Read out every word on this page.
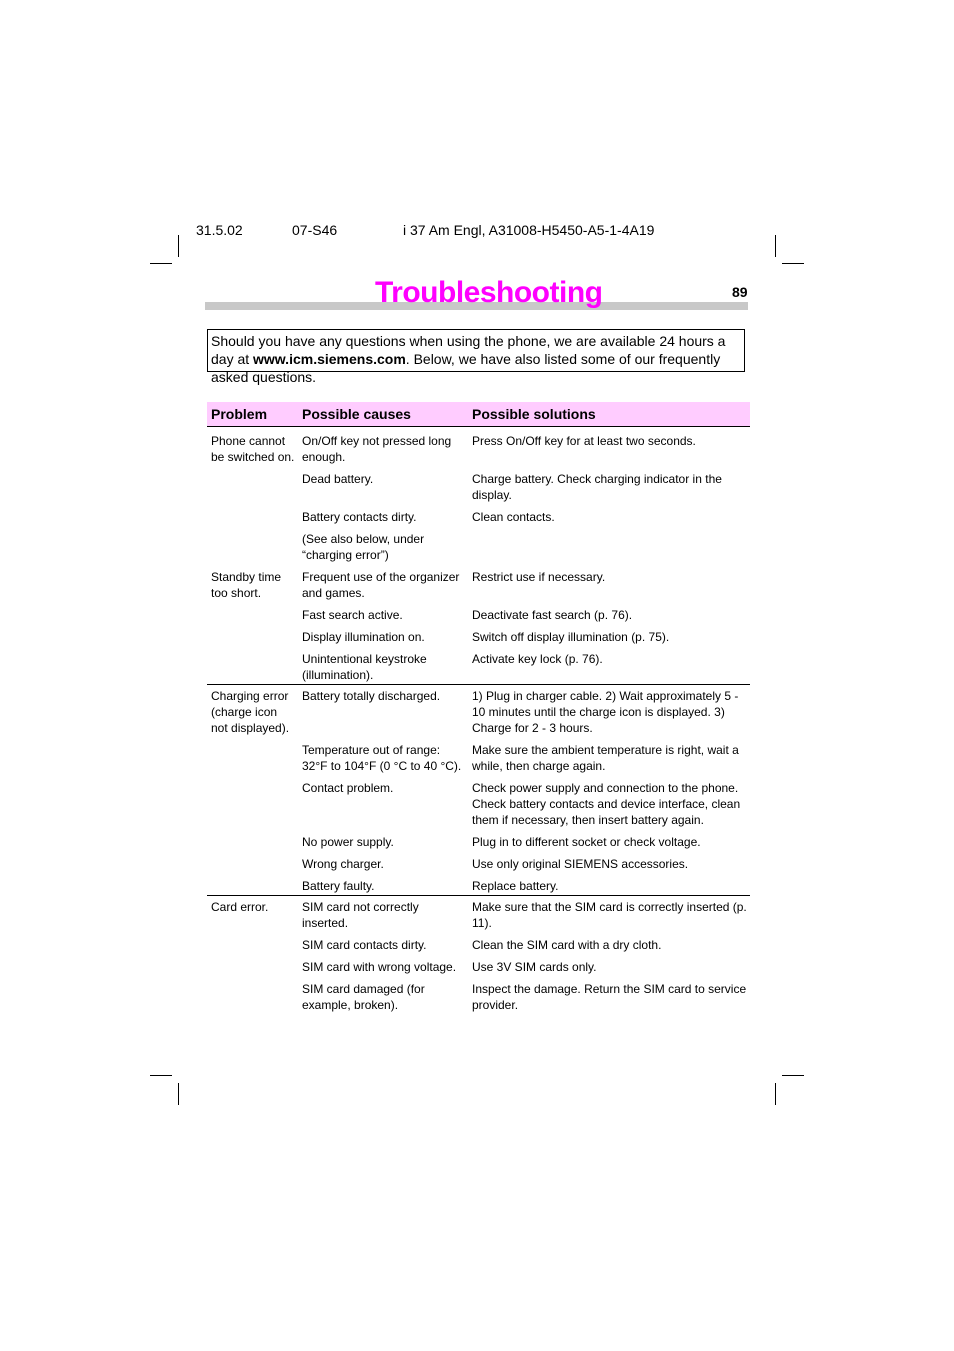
31.5.02	07-S46	i 37 Am Engl, A31008-H5450-A5-1-4A19
Troubleshooting	89
Should you have any questions when using the phone, we are available 24 hours a day at www.icm.siemens.com. Below, we have also listed some of our frequently asked questions.
Problem	Possible causes	Possible solutions
Phone cannot be switched on.	On/Off key not pressed long enough.	Press On/Off key for at least two seconds.
	Dead battery.	Charge battery. Check charging indicator in the display.
	Battery contacts dirty.	Clean contacts.
	(See also below, under “charging error”)	
Standby time too short.	Frequent use of the organizer and games.	Restrict use if necessary.
	Fast search active.	Deactivate fast search (p. 76).
	Display illumination on.	Switch off display illumination (p. 75).
	Unintentional keystroke (illumination).	Activate key lock (p. 76).
Charging error (charge icon not displayed).	Battery totally discharged.	1) Plug in charger cable. 2) Wait approximately 5 - 10 minutes until the charge icon is displayed. 3) Charge for 2 - 3 hours.
	Temperature out of range: 32°F to 104°F (0 °C to 40 °C).	Make sure the ambient temperature is right, wait a while, then charge again.
	Contact problem.	Check power supply and connection to the phone. Check battery contacts and device interface, clean them if necessary, then insert battery again.
	No power supply.	Plug in to different socket or check voltage.
	Wrong charger.	Use only original SIEMENS accessories.
	Battery faulty.	Replace battery.
Card error.	SIM card not correctly inserted.	Make sure that the SIM card is correctly inserted (p. 11).
	SIM card contacts dirty.	Clean the SIM card with a dry cloth.
	SIM card with wrong voltage.	Use 3V SIM cards only.
	SIM card damaged (for example, broken).	Inspect the damage. Return the SIM card to service provider.
